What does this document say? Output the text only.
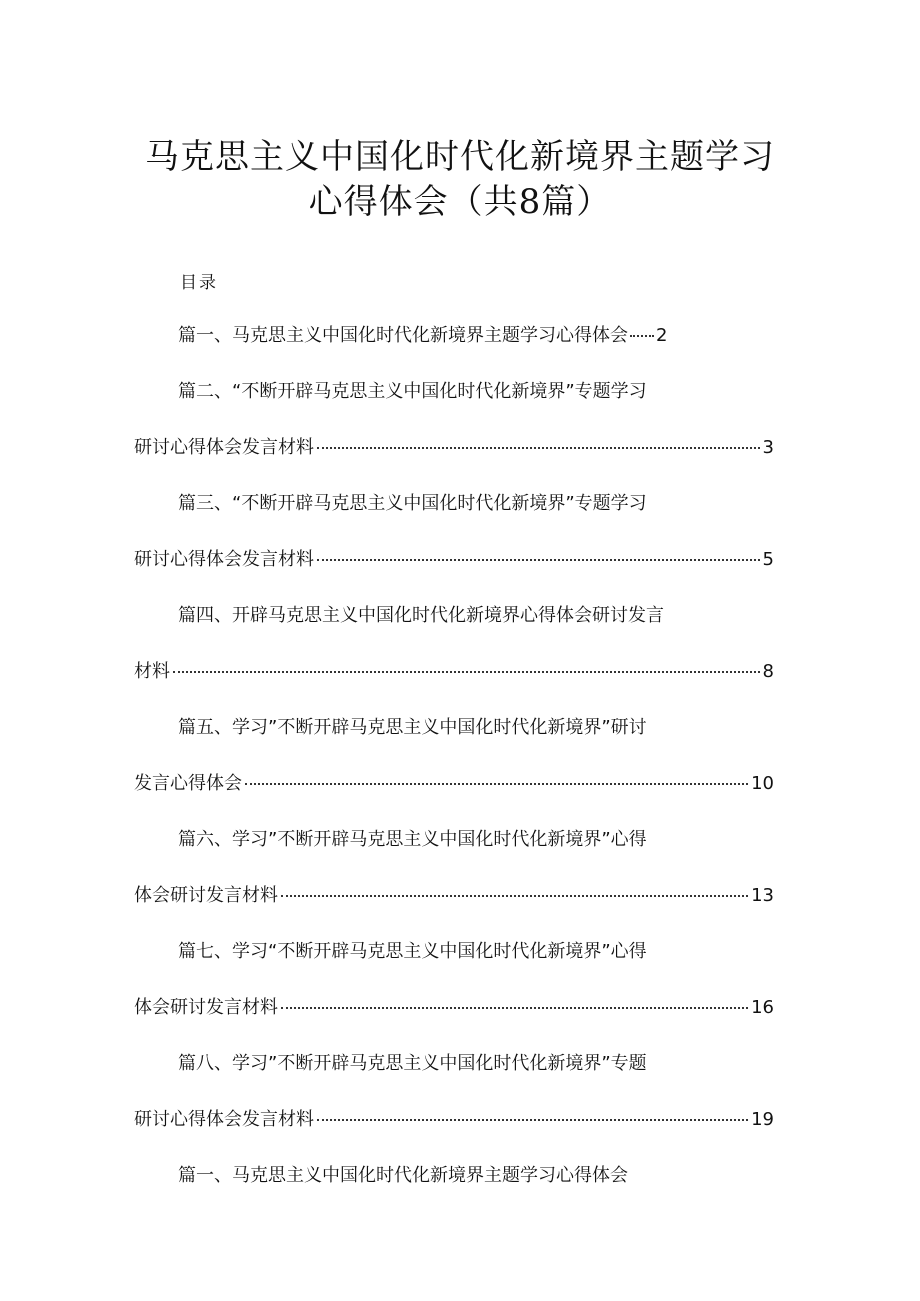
马克思主义中国化时代化新境界主题学习
心得体会（共8篇）
目录
篇一、马克思主义中国化时代化新境界主题学习心得体会 2
篇二、“不断开辟马克思主义中国化时代化新境界”专题学习
研讨心得体会发言材料	3
篇三、“不断开辟马克思主义中国化时代化新境界”专题学习
研讨心得体会发言材料	5
篇四、开辟马克思主义中国化时代化新境界心得体会研讨发言
材料	8
篇五、学习”不断开辟马克思主义中国化时代化新境界”研讨
发言心得体会	10
篇六、学习”不断开辟马克思主义中国化时代化新境界”心得
体会研讨发言材料	13
篇七、学习“不断开辟马克思主义中国化时代化新境界”心得
体会研讨发言材料	16
篇八、学习”不断开辟马克思主义中国化时代化新境界”专题
研讨心得体会发言材料	19
篇一、马克思主义中国化时代化新境界主题学习心得体会
